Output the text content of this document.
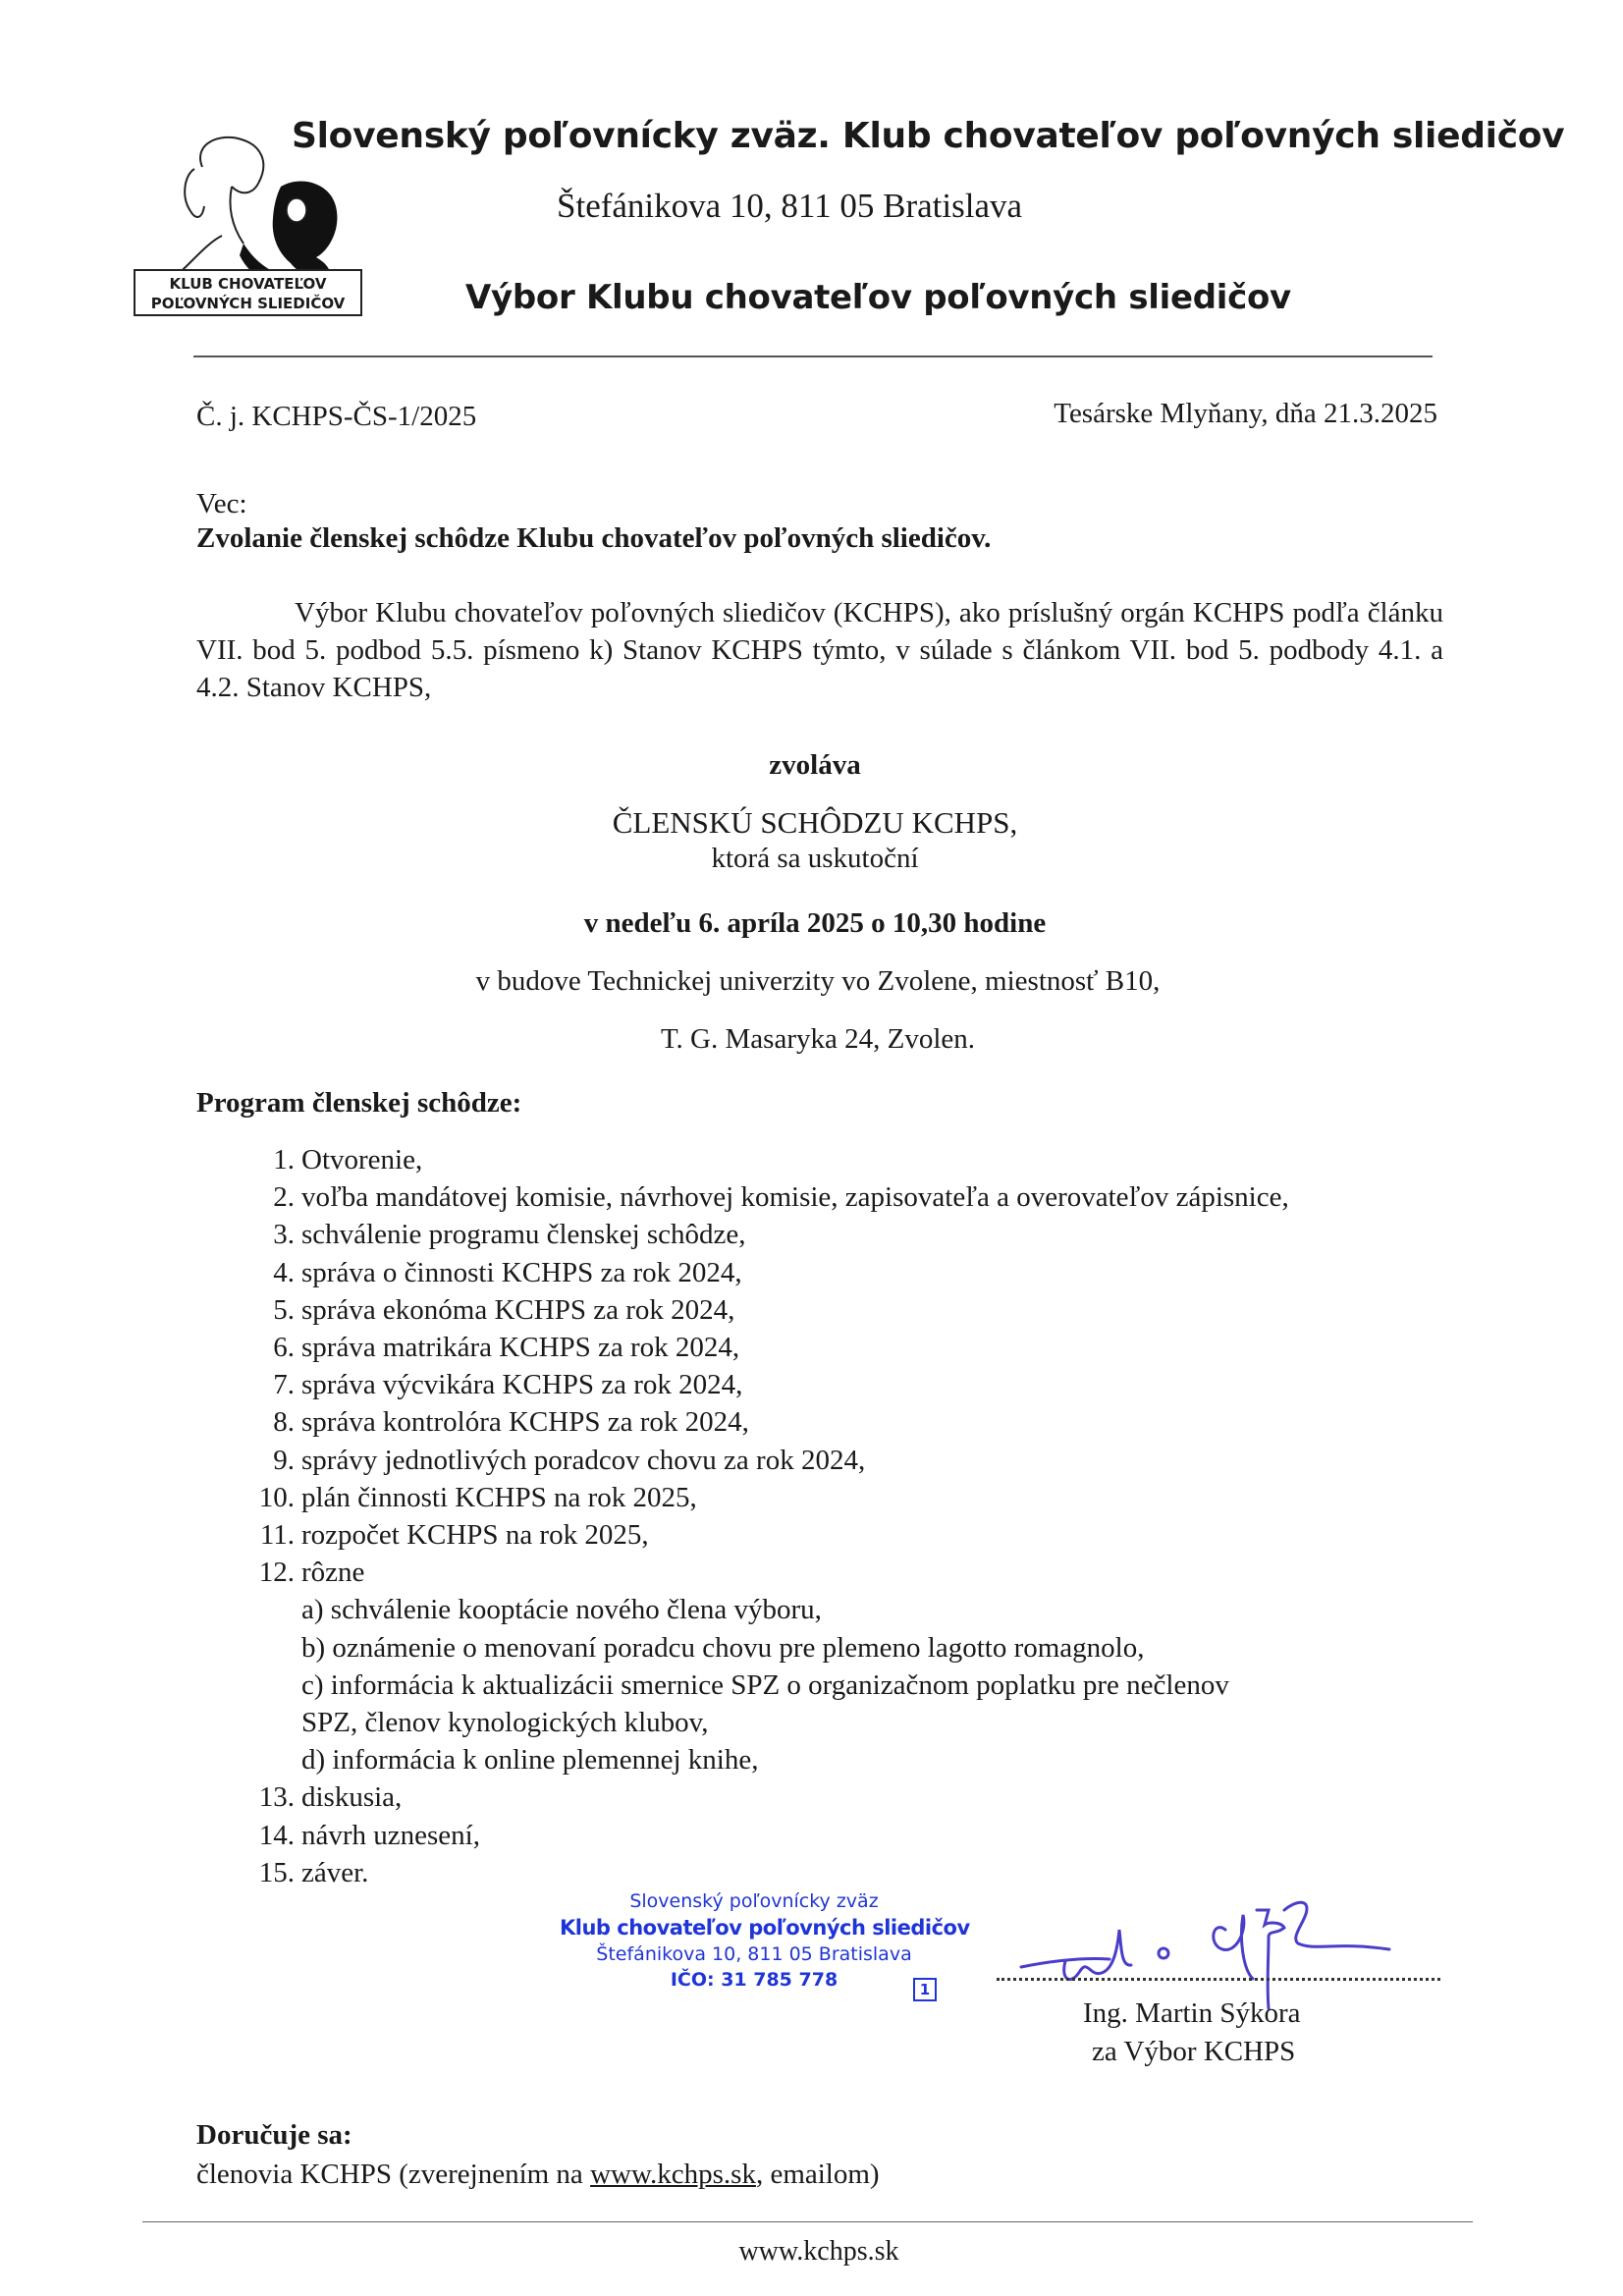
KLUB CHOVATEĽOV
POĽOVNÝCH SLIEDIČOV
Slovenský poľovnícky zväz. Klub chovateľov poľovných sliedičov
Štefánikova 10, 811 05 Bratislava
Výbor Klubu chovateľov poľovných sliedičov
Č. j. KCHPS-ČS-1/2025	Tesárske Mlyňany, dňa 21.3.2025
Vec:
Zvolanie členskej schôdze Klubu chovateľov poľovných sliedičov.
Výbor Klubu chovateľov poľovných sliedičov (KCHPS), ako príslušný orgán KCHPS podľa článku VII. bod 5. podbod 5.5. písmeno k) Stanov KCHPS týmto, v súlade s článkom VII. bod 5. podbody 4.1. a 4.2. Stanov KCHPS,
zvoláva
ČLENSKÚ SCHÔDZU KCHPS,
ktorá sa uskutoční
v nedeľu 6. apríla 2025 o 10,30 hodine
v budove Technickej univerzity vo Zvolene, miestnosť B10,
T. G. Masaryka 24, Zvolen.
Program členskej schôdze:
1. Otvorenie,
2. voľba mandátovej komisie, návrhovej komisie, zapisovateľa a overovateľov zápisnice,
3. schválenie programu členskej schôdze,
4. správa o činnosti KCHPS za rok 2024,
5. správa ekonóma KCHPS za rok 2024,
6. správa matrikára KCHPS za rok 2024,
7. správa výcvikára KCHPS za rok 2024,
8. správa kontrolóra KCHPS za rok 2024,
9. správy jednotlivých poradcov chovu za rok 2024,
10. plán činnosti KCHPS na rok 2025,
11. rozpočet KCHPS na rok 2025,
12. rôzne
a) schválenie kooptácie nového člena výboru,
b) oznámenie o menovaní poradcu chovu pre plemeno lagotto romagnolo,
c) informácia k aktualizácii smernice SPZ o organizačnom poplatku pre nečlenov
SPZ, členov kynologických klubov,
d) informácia k online plemennej knihe,
13. diskusia,
14. návrh uznesení,
15. záver.
Slovenský poľovnícky zväz
Klub chovateľov poľovných sliedičov
Štefánikova 10, 811 05 Bratislava
IČO: 31 785 778	1
Ing. Martin Sýkora
za Výbor KCHPS
Doručuje sa:
členovia KCHPS (zverejnením na www.kchps.sk, emailom)
www.kchps.sk
